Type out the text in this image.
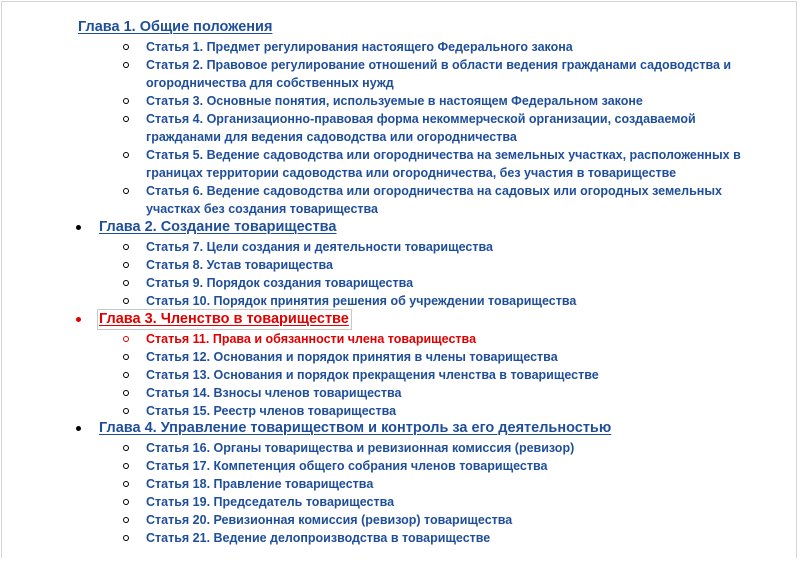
Глава 1. Общие положения
Статья 1. Предмет регулирования настоящего Федерального закона
Статья 2. Правовое регулирование отношений в области ведения гражданами садоводства и огородничества для собственных нужд
Статья 3. Основные понятия, используемые в настоящем Федеральном законе
Статья 4. Организационно-правовая форма некоммерческой организации, создаваемой гражданами для ведения садоводства или огородничества
Статья 5. Ведение садоводства или огородничества на земельных участках, расположенных в границах территории садоводства или огородничества, без участия в товариществе
Статья 6. Ведение садоводства или огородничества на садовых или огородных земельных участках без создания товарищества
Глава 2. Создание товарищества
Статья 7. Цели создания и деятельности товарищества
Статья 8. Устав товарищества
Статья 9. Порядок создания товарищества
Статья 10. Порядок принятия решения об учреждении товарищества
Глава 3. Членство в товариществе
Статья 11. Права и обязанности члена товарищества
Статья 12. Основания и порядок принятия в члены товарищества
Статья 13. Основания и порядок прекращения членства в товариществе
Статья 14. Взносы членов товарищества
Статья 15. Реестр членов товарищества
Глава 4. Управление товариществом и контроль за его деятельностью
Статья 16. Органы товарищества и ревизионная комиссия (ревизор)
Статья 17. Компетенция общего собрания членов товарищества
Статья 18. Правление товарищества
Статья 19. Председатель товарищества
Статья 20. Ревизионная комиссия (ревизор) товарищества
Статья 21. Ведение делопроизводства в товариществе
